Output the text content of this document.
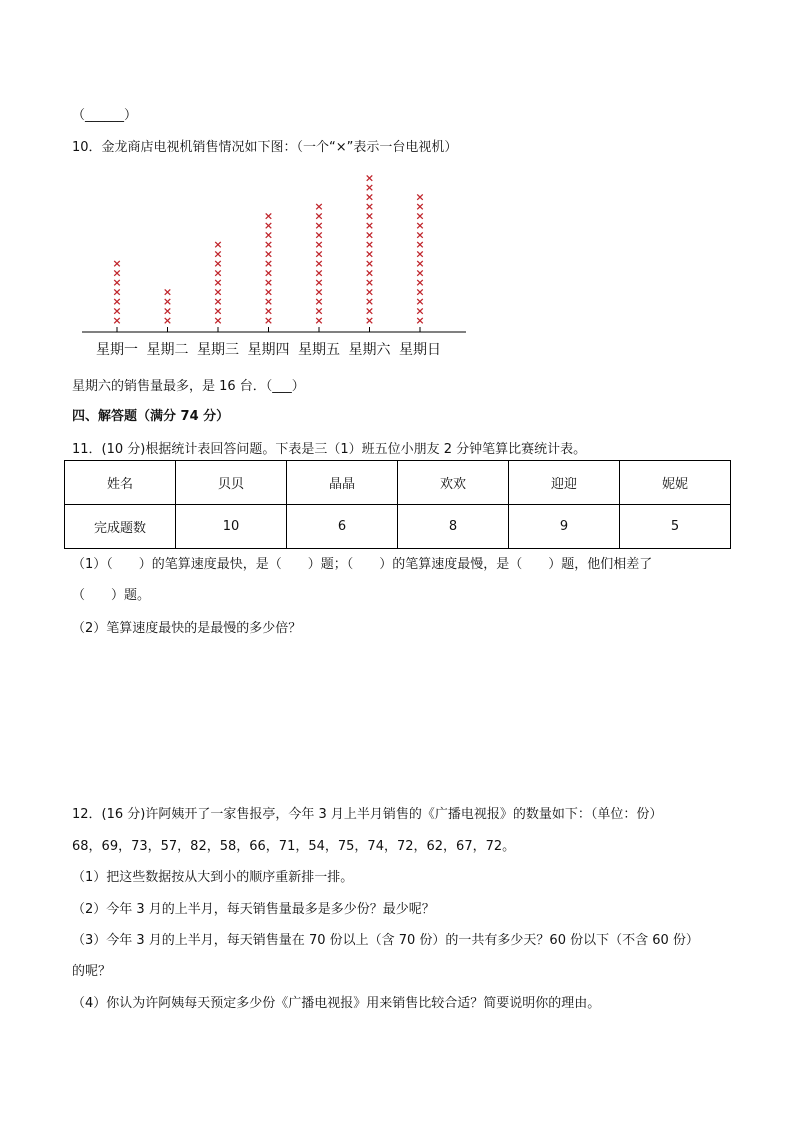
（______）
10．金龙商店电视机销售情况如下图：（一个“×”表示一台电视机）
×
×
×
×
×
×
×
星期一
×
×
×
×
星期二
×
×
×
×
×
×
×
×
×
星期三
×
×
×
×
×
×
×
×
×
×
×
×
星期四
×
×
×
×
×
×
×
×
×
×
×
×
×
星期五
×
×
×
×
×
×
×
×
×
×
×
×
×
×
×
×
星期六
×
×
×
×
×
×
×
×
×
×
×
×
×
×
星期日
星期六的销售量最多，是 16 台．（___）
四、解答题（满分 74 分）
11．(10 分)根据统计表回答问题。下表是三（1）班五位小朋友 2 分钟笔算比赛统计表。
姓名	贝贝	晶晶	欢欢	迎迎	妮妮
完成题数	10	6	8	9	5
（1）（　　）的笔算速度最快，是（　　）题；（　　）的笔算速度最慢，是（　　）题，他们相差了
（　　）题。
（2）笔算速度最快的是最慢的多少倍？
12．(16 分)许阿姨开了一家售报亭，今年 3 月上半月销售的《广播电视报》的数量如下：（单位：份）
68，69，73，57，82，58，66，71，54，75，74，72，62，67，72。
（1）把这些数据按从大到小的顺序重新排一排。
（2）今年 3 月的上半月，每天销售量最多是多少份？最少呢？
（3）今年 3 月的上半月，每天销售量在 70 份以上（含 70 份）的一共有多少天？60 份以下（不含 60 份）
的呢？
（4）你认为许阿姨每天预定多少份《广播电视报》用来销售比较合适？简要说明你的理由。
